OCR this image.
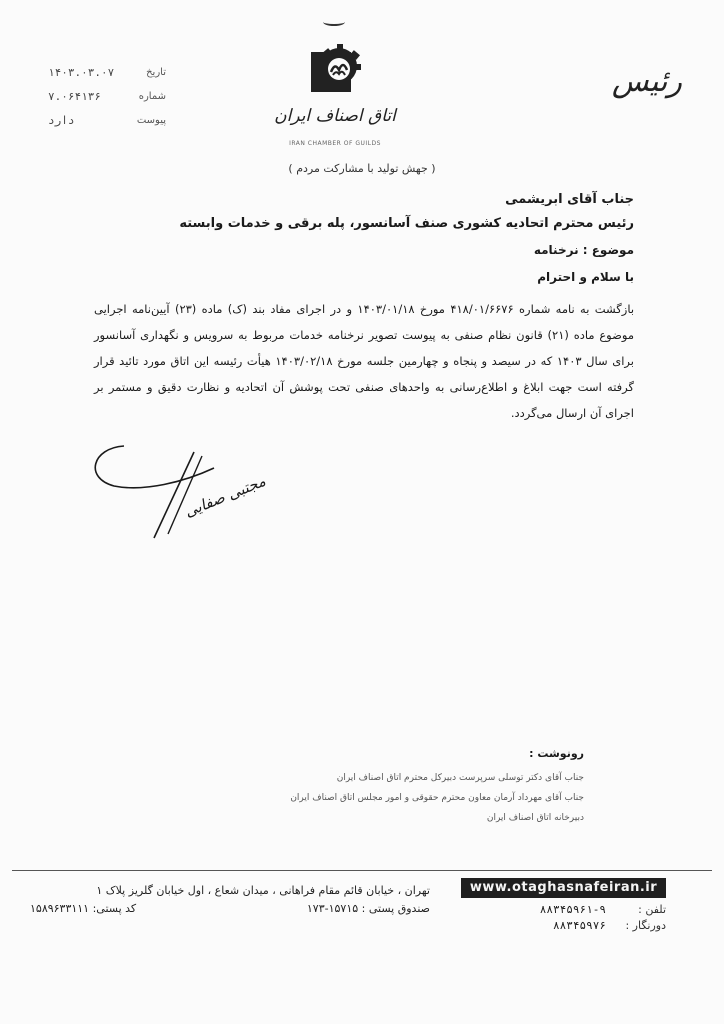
تاریخ
۱۴۰۳.۰۳.۰۷
شماره
۷.۰۶۴۱۳۶
پیوست
دارد	اتاق اصناف ایران
IRAN CHAMBER OF GUILDS
رئیس
( جهش تولید با مشارکت مردم )
جناب آقای ابریشمی
رئیس محترم اتحادیه کشوری صنف آسانسور، پله برقی و خدمات وابسته
موضوع : نرخنامه
با سلام و احترام
بازگشت به نامه شماره ۴۱۸/۰۱/۶۶۷۶ مورخ ۱۴۰۳/۰۱/۱۸ و در اجرای مفاد بند (ک) ماده (۲۳) آیین‌نامه اجرایی موضوع ماده (۲۱) قانون نظام صنفی به پیوست تصویر نرخنامه خدمات مربوط به سرویس و نگهداری آسانسور برای سال ۱۴۰۳ که در سیصد و پنجاه و چهارمین جلسه مورخ ۱۴۰۳/۰۲/۱۸ هیأت رئیسه این اتاق مورد تائید قرار گرفته است جهت ابلاغ و اطلاع‌رسانی به واحدهای صنفی تحت پوشش آن اتحادیه و نظارت دقیق و مستمر بر اجرای آن ارسال می‌گردد.
مجتبی صفایی
رونوشت :
جناب آقای دکتر توسلی سرپرست دبیرکل محترم اتاق اصناف ایران
جناب آقای مهرداد آرمان معاون محترم حقوقی و امور مجلس اتاق اصناف ایران
دبیرخانه اتاق اصناف ایران
www.otaghasnafeiran.ir
تهران ، خیابان قائم مقام فراهانی ، میدان شعاع ، اول خیابان گلریز پلاک ۱
صندوق پستی : ۱۵۷۱۵-۱۷۳
کد پستی: ۱۵۸۹۶۳۳۱۱۱	تلفن :
۸۸۳۴۵۹۶۱-۹
دورنگار :
۸۸۳۴۵۹۷۶
